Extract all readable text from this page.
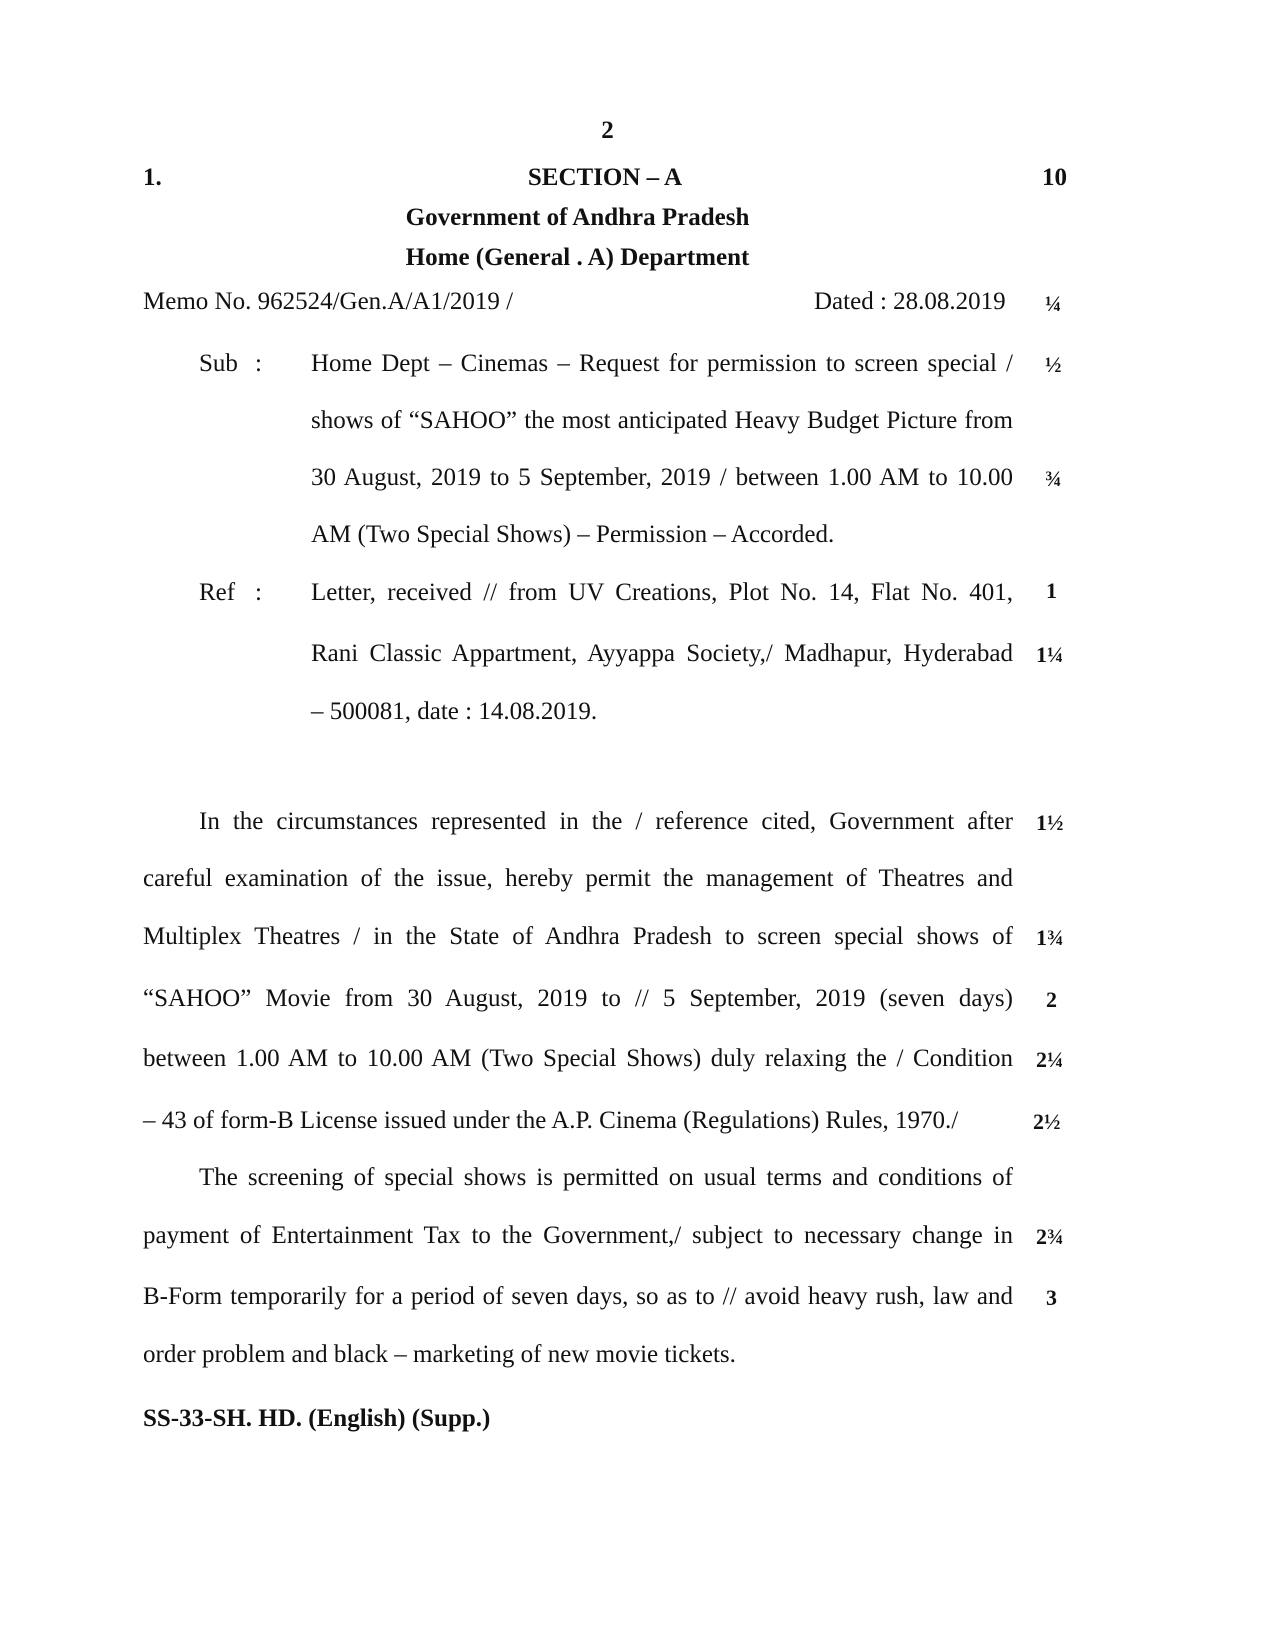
2
1.	SECTION – A	10
Government of Andhra Pradesh
Home (General . A) Department
Memo No. 962524/Gen.A/A1/2019 /	Dated : 28.08.2019
Sub : Home Dept – Cinemas – Request for permission to screen special /
shows of “SAHOO” the most anticipated Heavy Budget Picture from
30 August, 2019 to 5 September, 2019 / between 1.00 AM to 10.00
AM (Two Special Shows) – Permission – Accorded.
Ref : Letter, received // from UV Creations, Plot No. 14, Flat No. 401,
Rani Classic Appartment, Ayyappa Society,/ Madhapur, Hyderabad
– 500081, date : 14.08.2019.
In the circumstances represented in the / reference cited, Government after
careful examination of the issue, hereby permit the management of Theatres and
Multiplex Theatres / in the State of Andhra Pradesh to screen special shows of
“SAHOO” Movie from 30 August, 2019 to // 5 September, 2019 (seven days)
between 1.00 AM to 10.00 AM (Two Special Shows) duly relaxing the / Condition
– 43 of form-B License issued under the A.P. Cinema (Regulations) Rules, 1970./
The screening of special shows is permitted on usual terms and conditions of
payment of Entertainment Tax to the Government,/ subject to necessary change in
B-Form temporarily for a period of seven days, so as to // avoid heavy rush, law and
order problem and black – marketing of new movie tickets.
¼
½
¾
1
1¼
1½
1¾
2
2¼
2½
2¾
3
SS-33-SH. HD. (English) (Supp.)
